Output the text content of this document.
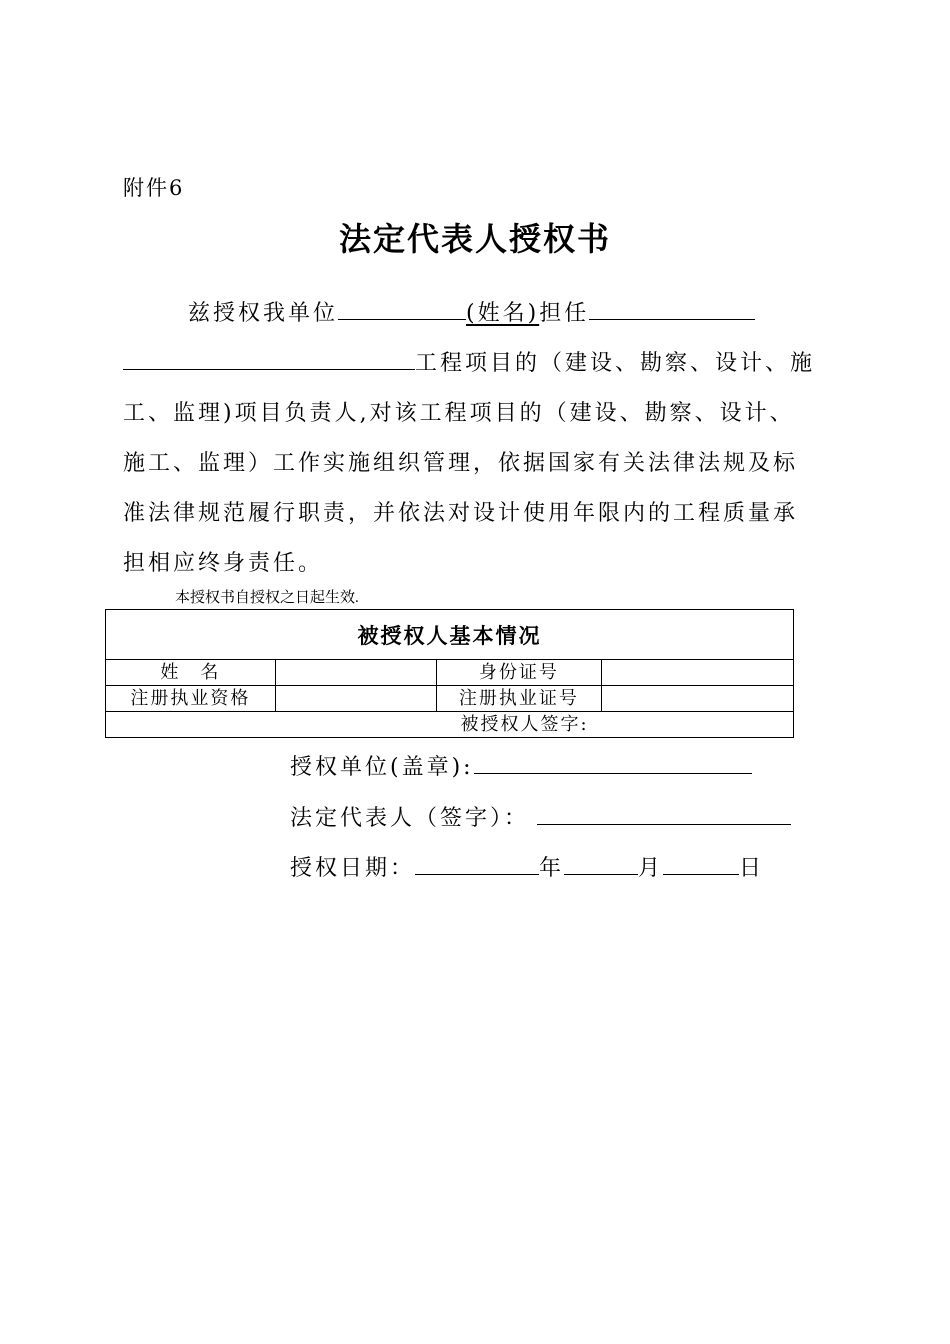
附件6
法定代表人授权书
兹授权我单位	(姓名)担任
工程项目的（建设、勘察、设计、施
工、监理)项目负责人,对该工程项目的（建设、勘察、设计、
施工、监理）工作实施组织管理，依据国家有关法律法规及标
准法律规范履行职责，并依法对设计使用年限内的工程质量承
担相应终身责任。
本授权书自授权之日起生效.
被授权人基本情况			
姓　名		身份证号	
注册执业资格		注册执业证号	
被授权人签字:			
授权单位(盖章):
法定代表人（签字）：
授权日期：	年	月	日
